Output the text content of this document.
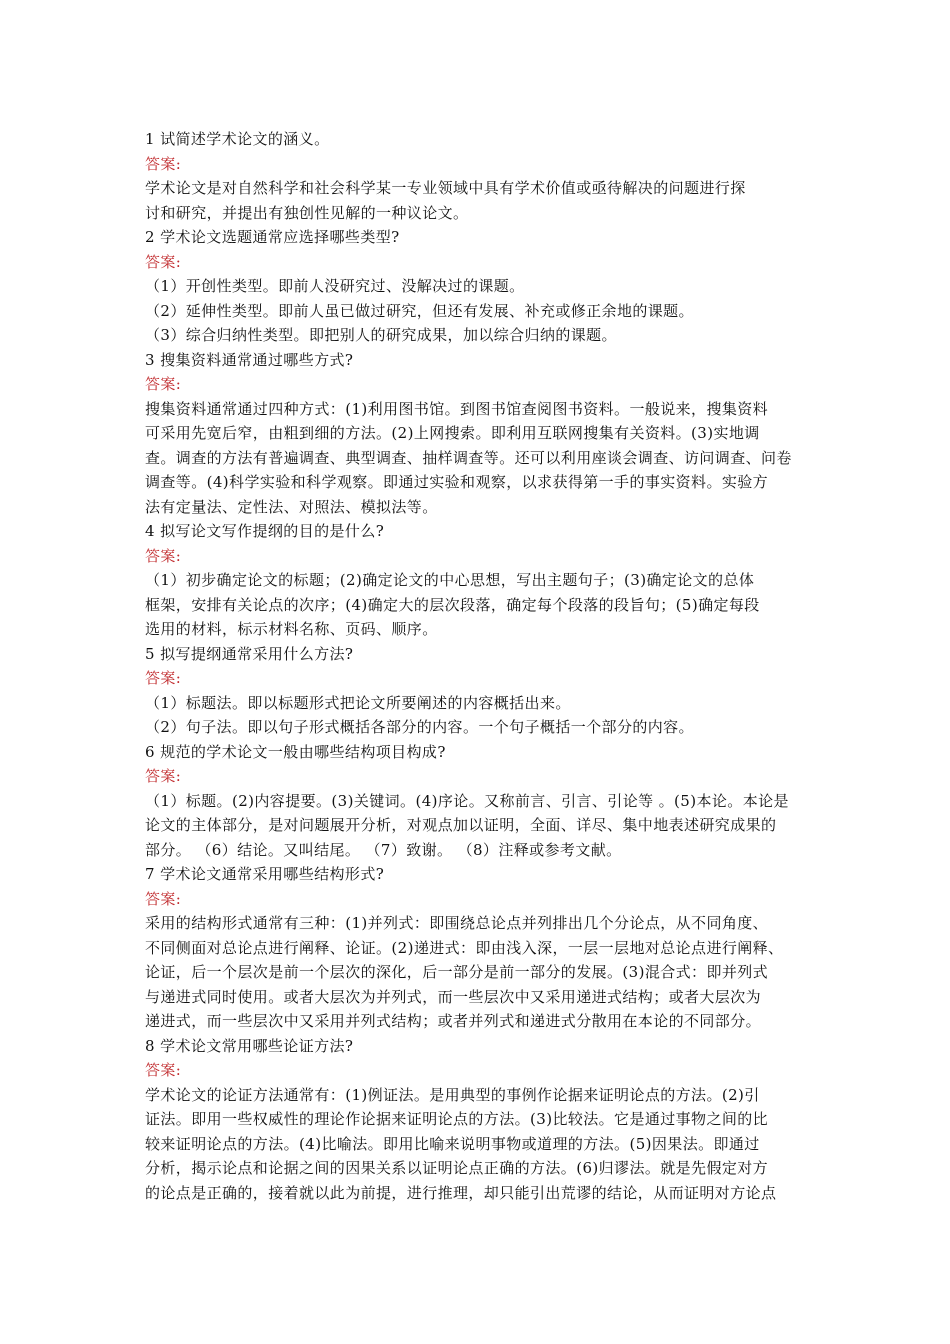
1 试简述学术论文的涵义。

答案:

学术论文是对自然科学和社会科学某一专业领域中具有学术价值或亟待解决的问题进行探

讨和研究，并提出有独创性见解的一种议论文。

2 学术论文选题通常应选择哪些类型?

答案:

（1）开创性类型。即前人没研究过、没解决过的课题。

（2）延伸性类型。即前人虽已做过研究，但还有发展、补充或修正余地的课题。

（3）综合归纳性类型。即把别人的研究成果，加以综合归纳的课题。

3 搜集资料通常通过哪些方式?

答案:

搜集资料通常通过四种方式：(1)利用图书馆。到图书馆查阅图书资料。一般说来，搜集资料

可采用先宽后窄，由粗到细的方法。(2)上网搜索。即利用互联网搜集有关资料。(3)实地调

查。调查的方法有普遍调查、典型调查、抽样调查等。还可以利用座谈会调查、访问调查、问卷

调查等。(4)科学实验和科学观察。即通过实验和观察，以求获得第一手的事实资料。实验方

法有定量法、定性法、对照法、模拟法等。

4 拟写论文写作提纲的目的是什么?

答案:

（1）初步确定论文的标题；(2)确定论文的中心思想，写出主题句子；(3)确定论文的总体

框架，安排有关论点的次序；(4)确定大的层次段落，确定每个段落的段旨句；(5)确定每段

选用的材料，标示材料名称、页码、顺序。

5 拟写提纲通常采用什么方法?

答案:

（1）标题法。即以标题形式把论文所要阐述的内容概括出来。

（2）句子法。即以句子形式概括各部分的内容。一个句子概括一个部分的内容。

6 规范的学术论文一般由哪些结构项目构成?

答案:

（1）标题。(2)内容提要。(3)关键词。(4)序论。又称前言、引言、引论等 。(5)本论。本论是

论文的主体部分，是对问题展开分析，对观点加以证明，全面、详尽、集中地表述研究成果的

部分。 （6）结论。又叫结尾。 （7）致谢。 （8）注释或参考文献。

7 学术论文通常采用哪些结构形式?

答案:

采用的结构形式通常有三种：(1)并列式：即围绕总论点并列排出几个分论点，从不同角度、

不同侧面对总论点进行阐释、论证。(2)递进式：即由浅入深，一层一层地对总论点进行阐释、

论证，后一个层次是前一个层次的深化，后一部分是前一部分的发展。(3)混合式：即并列式

与递进式同时使用。或者大层次为并列式，而一些层次中又采用递进式结构；或者大层次为

递进式，而一些层次中又采用并列式结构；或者并列式和递进式分散用在本论的不同部分。

8 学术论文常用哪些论证方法?

答案:

学术论文的论证方法通常有：(1)例证法。是用典型的事例作论据来证明论点的方法。(2)引

证法。即用一些权威性的理论作论据来证明论点的方法。(3)比较法。它是通过事物之间的比

较来证明论点的方法。(4)比喻法。即用比喻来说明事物或道理的方法。(5)因果法。即通过

分析，揭示论点和论据之间的因果关系以证明论点正确的方法。(6)归谬法。就是先假定对方

的论点是正确的，接着就以此为前提，进行推理，却只能引出荒谬的结论，从而证明对方论点
